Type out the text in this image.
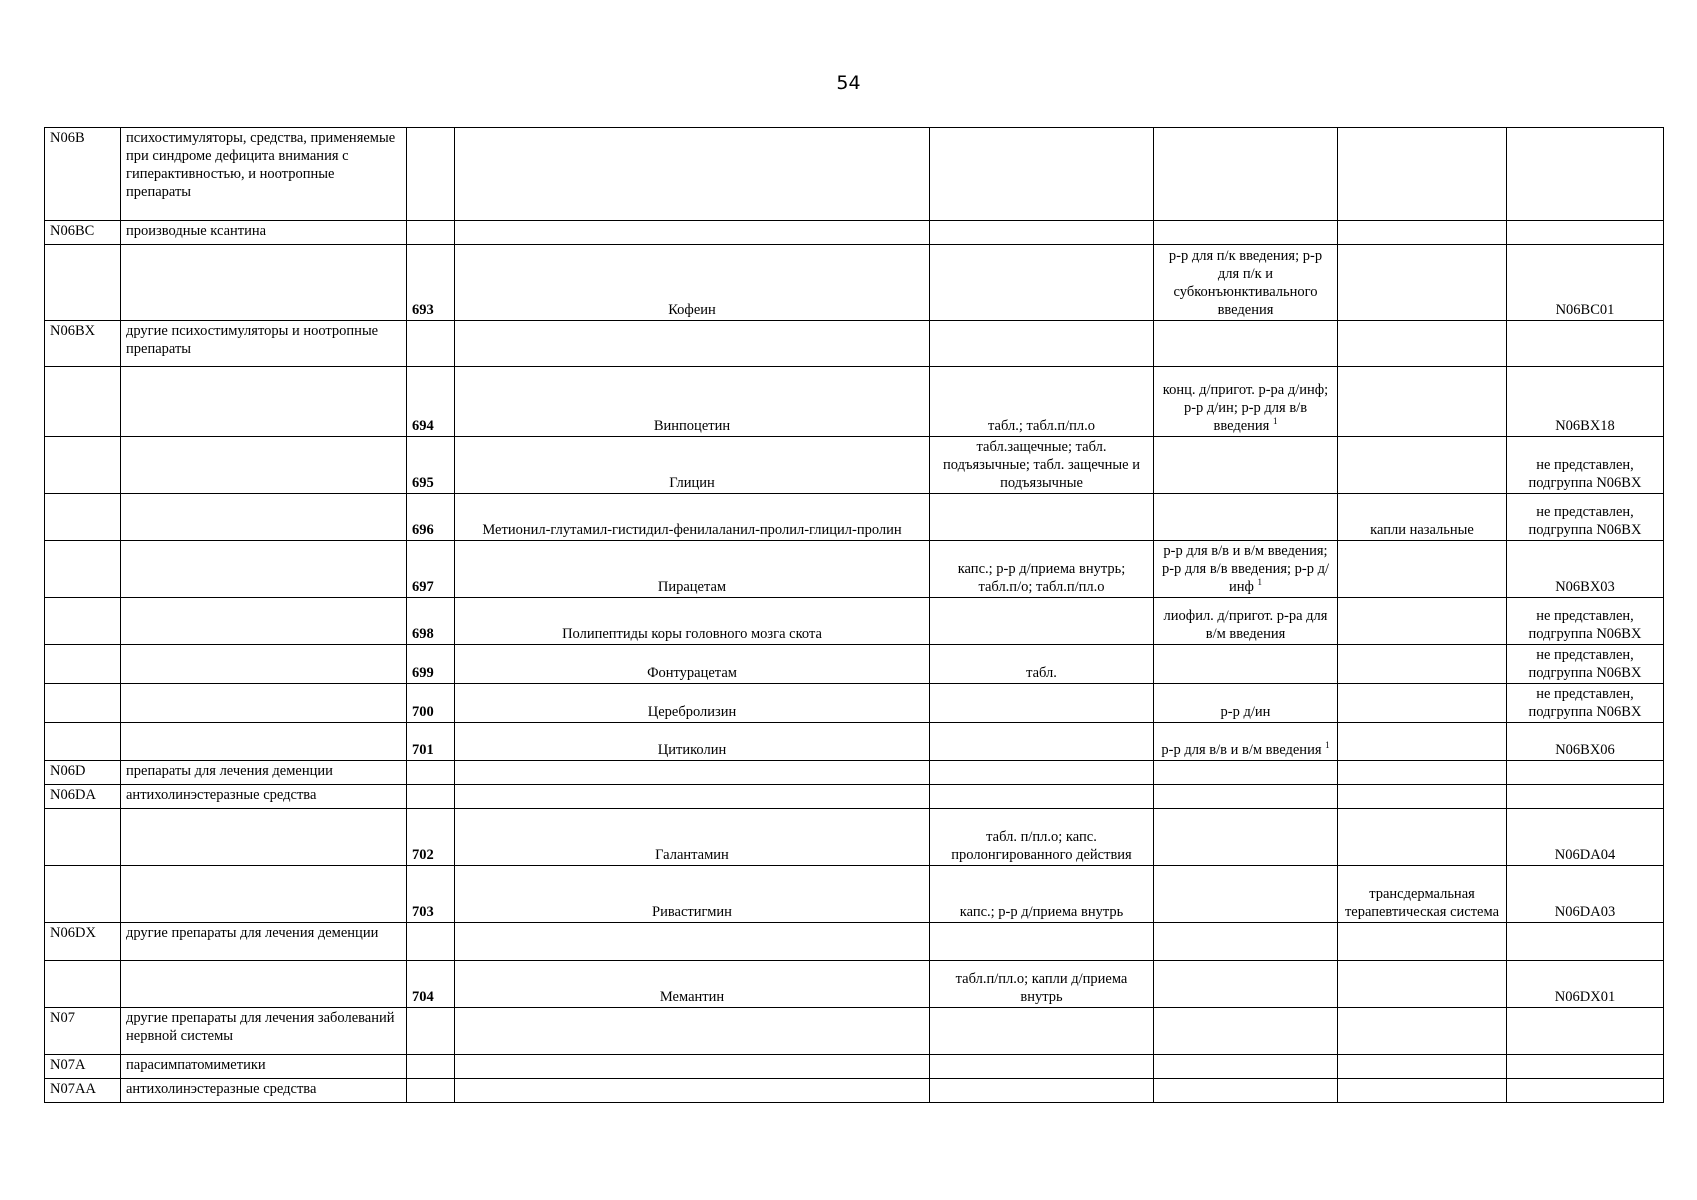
54
N06B	психостимуляторы, средства, применяемые при синдроме дефицита внимания с гиперактивностью, и ноотропные препараты						
N06BC	производные ксантина						
		693	Кофеин		р-р для п/к введения; р-р для п/к и субконъюнктивального введения		N06BC01
N06BX	другие психостимуляторы и ноотропные препараты						
		694	Винпоцетин	табл.; табл.п/пл.о	конц. д/пригот. р-ра д/инф; р-р д/ин; р-р для в/в введения $^1$		N06BX18
		695	Глицин	табл.защечные; табл. подъязычные; табл. защечные и подъязычные			не представлен, подгруппа N06BX
		696	Метионил-глутамил-гистидил-фенилаланил-пролил-глицил-пролин			капли назальные	не представлен, подгруппа N06BX
		697	Пирацетам	капс.; р-р д/приема внутрь; табл.п/о; табл.п/пл.о	р-р для в/в и в/м введения; р-р для в/в введения; р-р д/инф $^1$		N06BX03
		698	Полипептиды коры головного мозга скота		лиофил. д/пригот. р-ра для в/м введения		не представлен, подгруппа N06BX
		699	Фонтурацетам	табл.			не представлен, подгруппа N06BX
		700	Церебролизин		р-р д/ин		не представлен, подгруппа N06BX
		701	Цитиколин		р-р для в/в и в/м введения $^1$		N06BX06
N06D	препараты для лечения деменции						
N06DA	антихолинэстеразные средства						
		702	Галантамин	табл. п/пл.о; капс. пролонгированного действия			N06DA04
		703	Ривастигмин	капс.; р-р д/приема внутрь		трансдермальная терапевтическая система	N06DA03
N06DX	другие препараты для лечения деменции						
		704	Мемантин	табл.п/пл.о; капли д/приема внутрь			N06DX01
N07	другие препараты для лечения заболеваний нервной системы						
N07A	парасимпатомиметики						
N07AA	антихолинэстеразные средства						
